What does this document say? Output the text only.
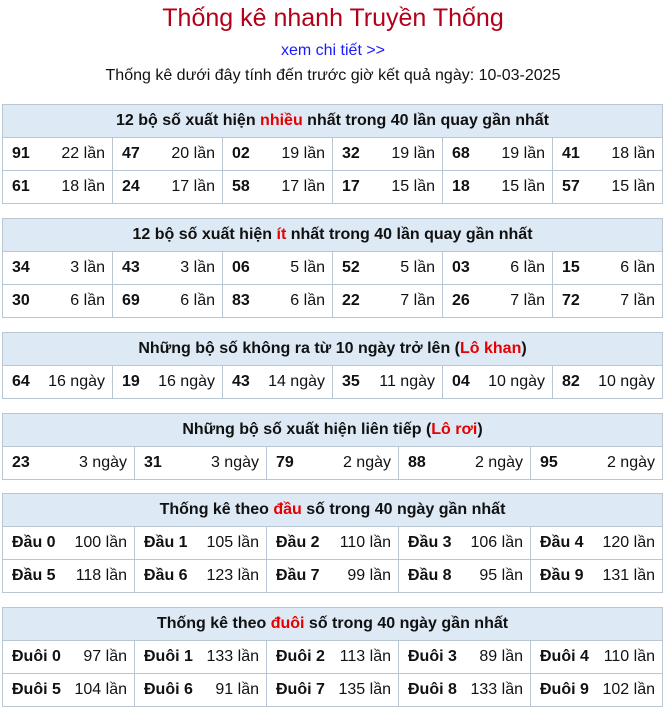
Thống kê nhanh Truyền Thống
xem chi tiết >>
Thống kê dưới đây tính đến trước giờ kết quả ngày: 10-03-2025
12 bộ số xuất hiện nhiều nhất trong 40 lần quay gần nhất					

91 22 lần	47 20 lần	02 19 lần	32 19 lần	68 19 lần	41 18 lần

61 18 lần	24 17 lần	58 17 lần	17 15 lần	18 15 lần	57 15 lần
12 bộ số xuất hiện ít nhất trong 40 lần quay gần nhất					

34 3 lần	43 3 lần	06 5 lần	52 5 lần	03 6 lần	15 6 lần

30 6 lần	69 6 lần	83 6 lần	22 7 lần	26 7 lần	72 7 lần
Những bộ số không ra từ 10 ngày trở lên (Lô khan)

64 16 ngày	19 16 ngày	43 14 ngày	35 11 ngày	04 10 ngày	82 10 ngày
Những bộ số xuất hiện liên tiếp (Lô rơi)

23	3 ngày	31	3 ngày	79	2 ngày	88	2 ngày	95	2 ngày
Thống kê theo đầu số trong 40 ngày gần nhất				

Đầu 0 100 lần	Đầu 1 105 lần	Đầu 2 110 lần	Đầu 3 106 lần	Đầu 4 120 lần

Đầu 5 118 lần	Đầu 6 123 lần	Đầu 7 99 lần	Đầu 8 95 lần	Đầu 9 131 lần
Thống kê theo đuôi số trong 40 ngày gần nhất				

Đuôi 0 97 lần	Đuôi 1 133 lần	Đuôi 2 113 lần	Đuôi 3 89 lần	Đuôi 4 110 lần

Đuôi 5 104 lần	Đuôi 6 91 lần	Đuôi 7 135 lần	Đuôi 8 133 lần	Đuôi 9 102 lần
